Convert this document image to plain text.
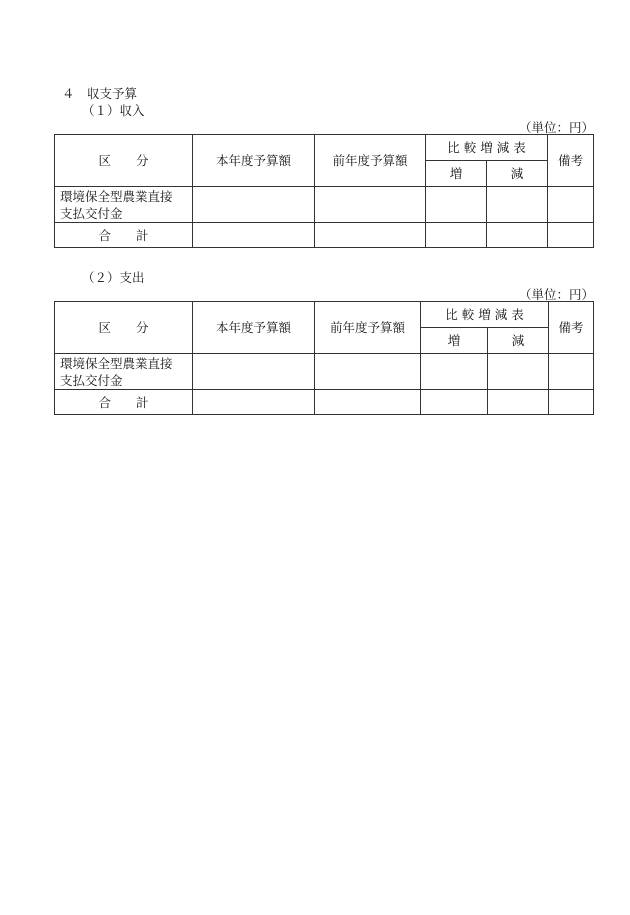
４　収支予算
（１）収入
（単位：円）
区　　分	本年度予算額	前年度予算額	比 較 増 減 表		備考
			増	減	

環境保全型農業直接
支払交付金					

合　　計					
（２）支出
（単位：円）
区　　分	本年度予算額	前年度予算額	比 較 増 減 表		備考
			増	減	

環境保全型農業直接
支払交付金					

合　　計					
